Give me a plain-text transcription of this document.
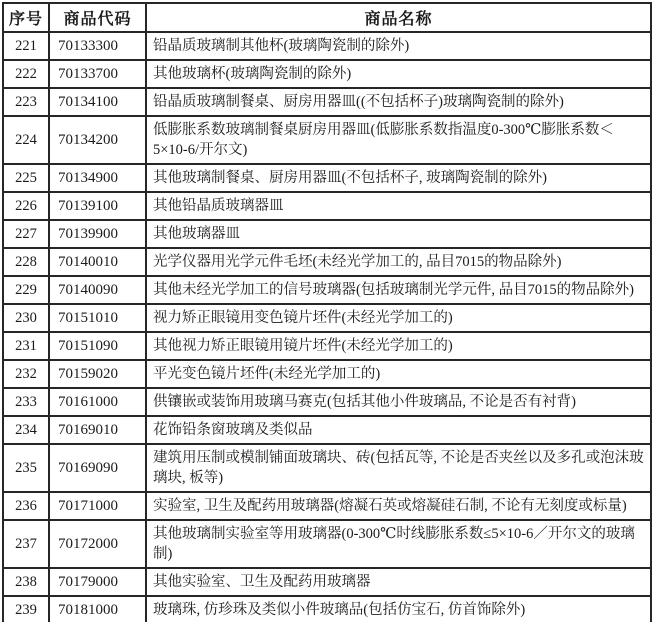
序号	商品代码	商品名称
221	70133300	铅晶质玻璃制其他杯(玻璃陶瓷制的除外)
222	70133700	其他玻璃杯(玻璃陶瓷制的除外)
223	70134100	铅晶质玻璃制餐桌、厨房用器皿((不包括杯子)玻璃陶瓷制的除外)
224	70134200	低膨胀系数玻璃制餐桌厨房用器皿(低膨胀系数指温度0-300℃膨胀系数＜5×10-6/开尔文)
225	70134900	其他玻璃制餐桌、厨房用器皿(不包括杯子, 玻璃陶瓷制的除外)
226	70139100	其他铅晶质玻璃器皿
227	70139900	其他玻璃器皿
228	70140010	光学仪器用光学元件毛坯(未经光学加工的, 品目7015的物品除外)
229	70140090	其他未经光学加工的信号玻璃器(包括玻璃制光学元件, 品目7015的物品除外)
230	70151010	视力矫正眼镜用变色镜片坯件(未经光学加工的)
231	70151090	其他视力矫正眼镜用镜片坯件(未经光学加工的)
232	70159020	平光变色镜片坯件(未经光学加工的)
233	70161000	供镶嵌或装饰用玻璃马赛克(包括其他小件玻璃品, 不论是否有衬背)
234	70169010	花饰铅条窗玻璃及类似品
235	70169090	建筑用压制或模制铺面玻璃块、砖(包括瓦等, 不论是否夹丝以及多孔或泡沫玻璃块, 板等)
236	70171000	实验室, 卫生及配药用玻璃器(熔凝石英或熔凝硅石制, 不论有无刻度或标量)
237	70172000	其他玻璃制实验室等用玻璃器(0-300℃时线膨胀系数≤5×10-6／开尔文的玻璃制)
238	70179000	其他实验室、卫生及配药用玻璃器
239	70181000	玻璃珠, 仿珍珠及类似小件玻璃品(包括仿宝石, 仿首饰除外)
